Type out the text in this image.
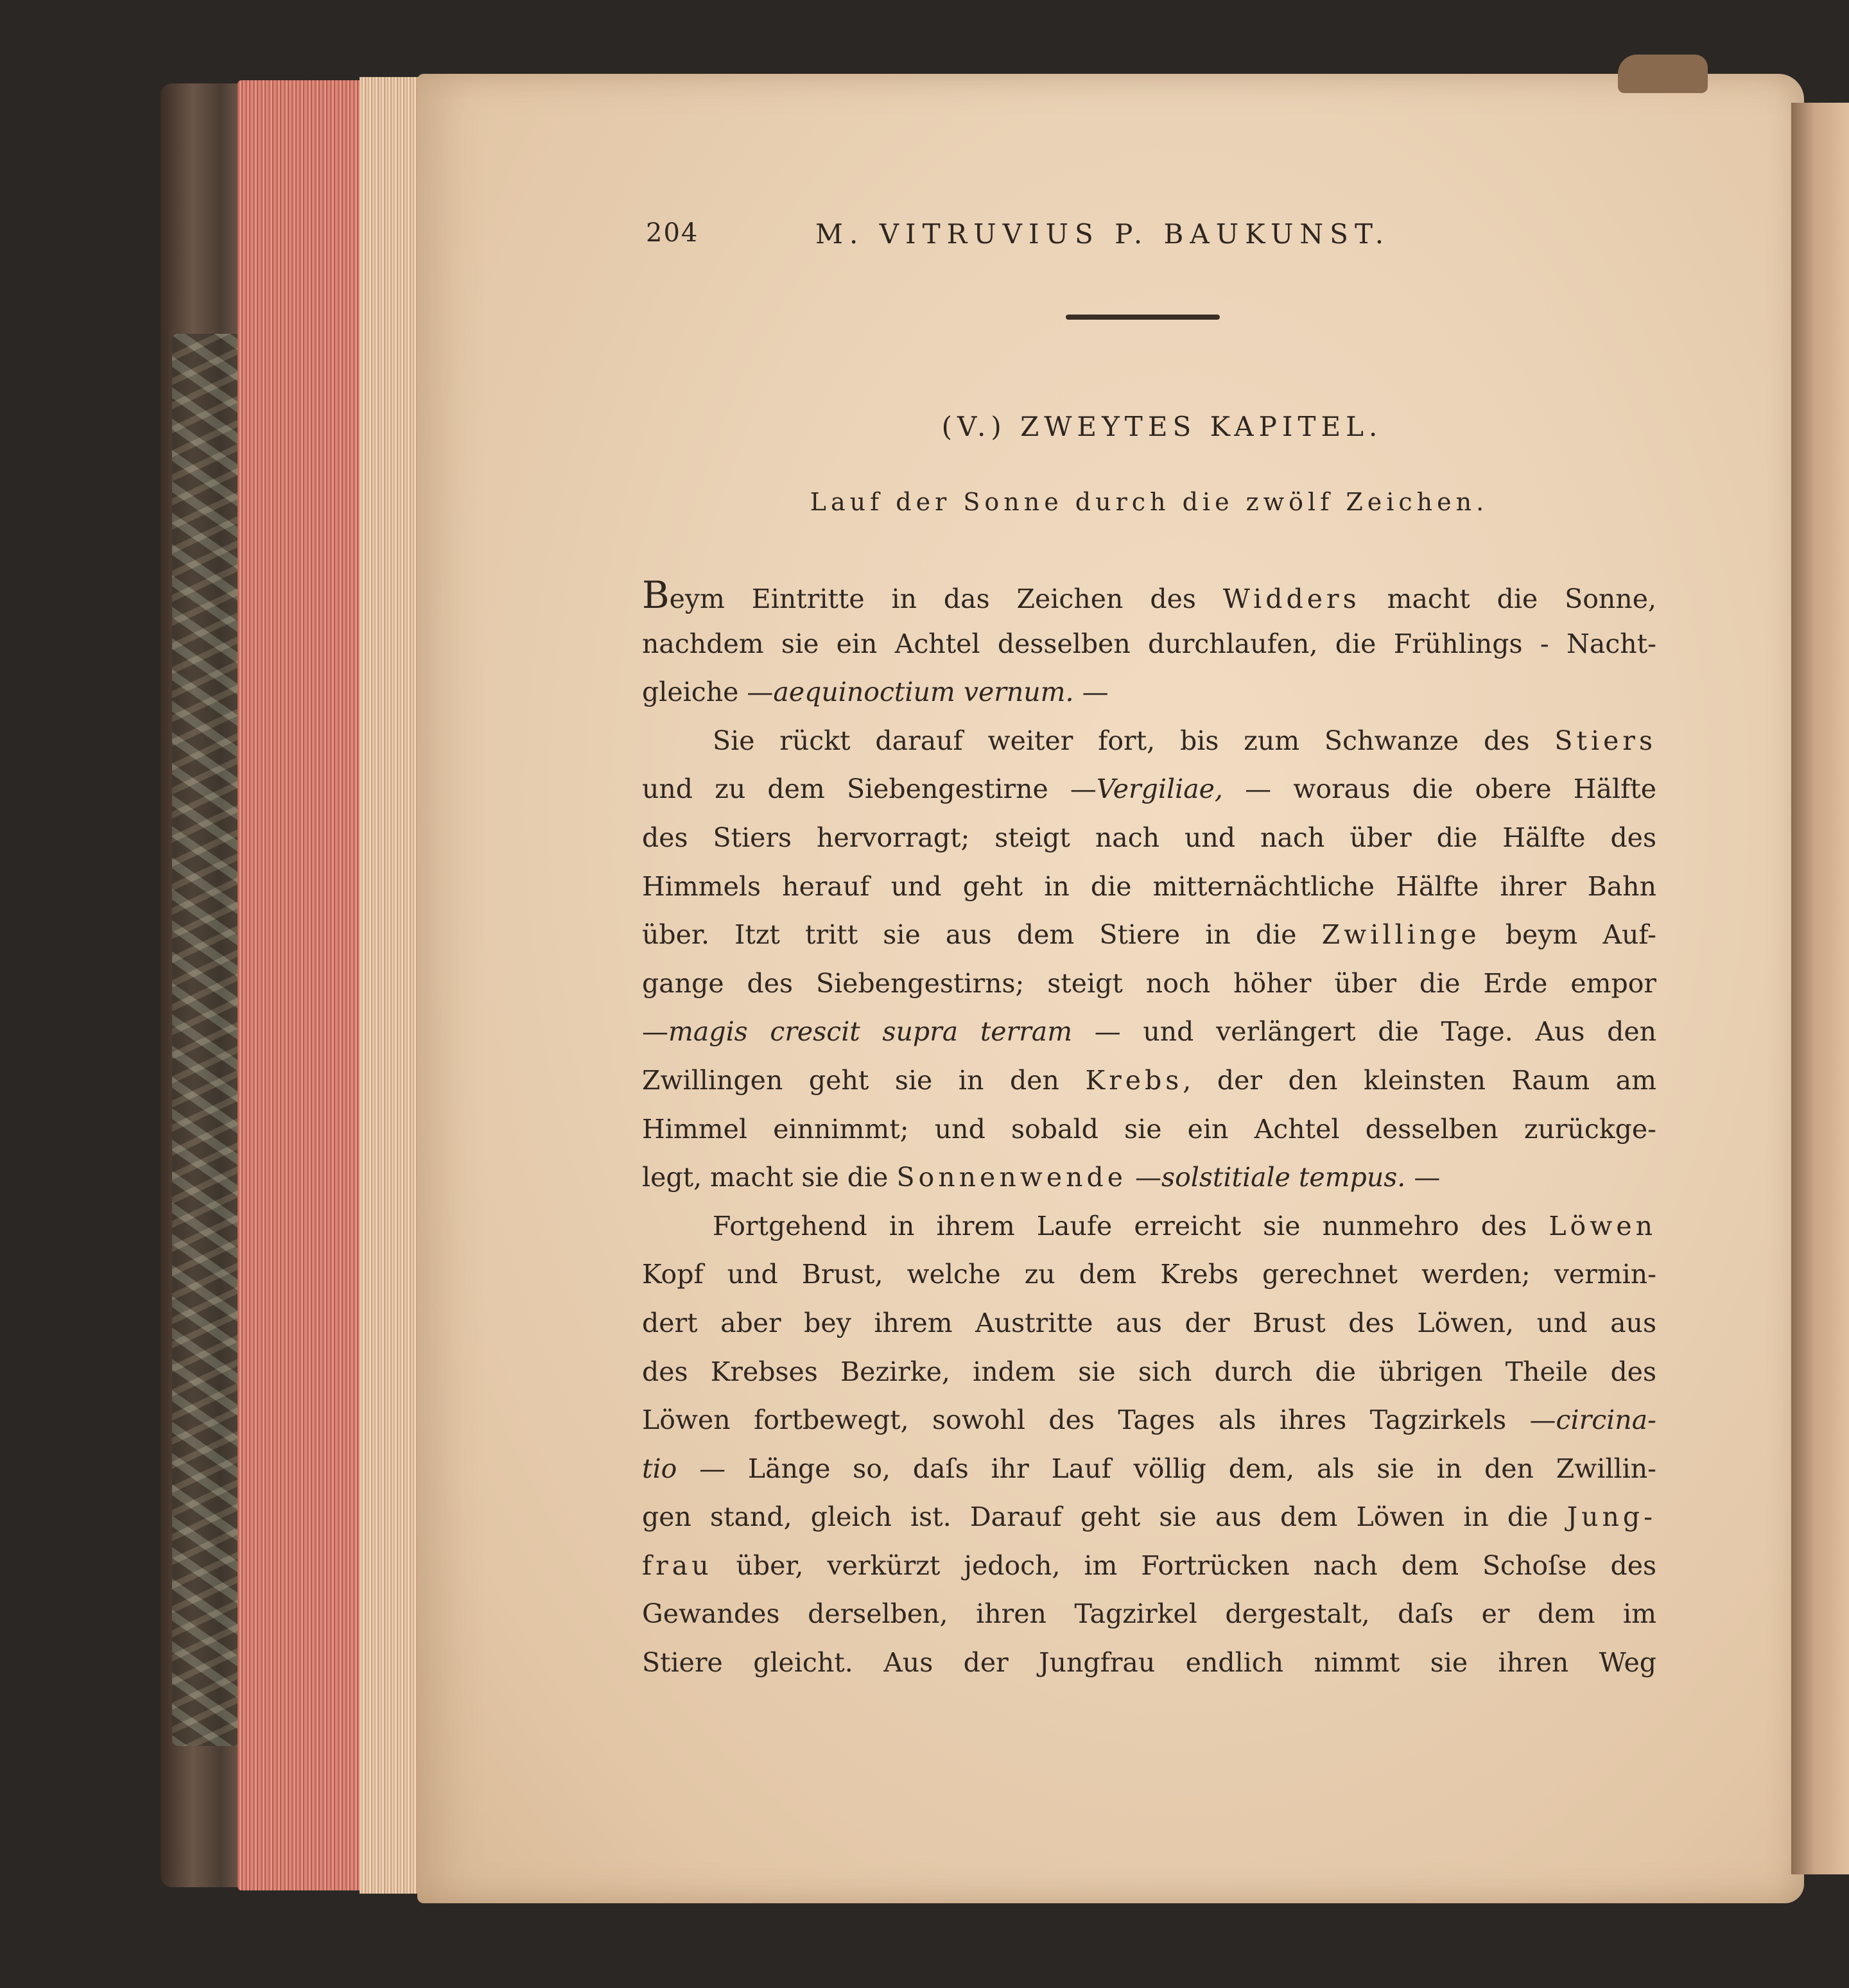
204	M. VITRUVIUS P. BAUKUNST.
(V.) ZWEYTES KAPITEL.
Lauf der Sonne durch die zwölf Zeichen.
Beym Eintritte in das Zeichen des Widders macht die Sonne,
nachdem sie ein Achtel desselben durchlaufen, die Frühlings - Nacht-
gleiche —aequinoctium vernum. —
Sie rückt darauf weiter fort, bis zum Schwanze des Stiers
und zu dem Siebengestirne —Vergiliae, — woraus die obere Hälfte
des Stiers hervorragt; steigt nach und nach über die Hälfte des
Himmels herauf und geht in die mitternächtliche Hälfte ihrer Bahn
über. Itzt tritt sie aus dem Stiere in die Zwillinge beym Auf-
gange des Siebengestirns; steigt noch höher über die Erde empor
—magis crescit supra terram — und verlängert die Tage. Aus den
Zwillingen geht sie in den Krebs, der den kleinsten Raum am
Himmel einnimmt; und sobald sie ein Achtel desselben zurückge-
legt, macht sie die Sonnenwende —solstitiale tempus. —
Fortgehend in ihrem Laufe erreicht sie nunmehro des Löwen
Kopf und Brust, welche zu dem Krebs gerechnet werden; vermin-
dert aber bey ihrem Austritte aus der Brust des Löwen, und aus
des Krebses Bezirke, indem sie sich durch die übrigen Theile des
Löwen fortbewegt, sowohl des Tages als ihres Tagzirkels —circina-
tio — Länge so, daſs ihr Lauf völlig dem, als sie in den Zwillin-
gen stand, gleich ist. Darauf geht sie aus dem Löwen in die Jung-
frau über, verkürzt jedoch, im Fortrücken nach dem Schoſse des
Gewandes derselben, ihren Tagzirkel dergestalt, daſs er dem im
Stiere gleicht. Aus der Jungfrau endlich nimmt sie ihren Weg
